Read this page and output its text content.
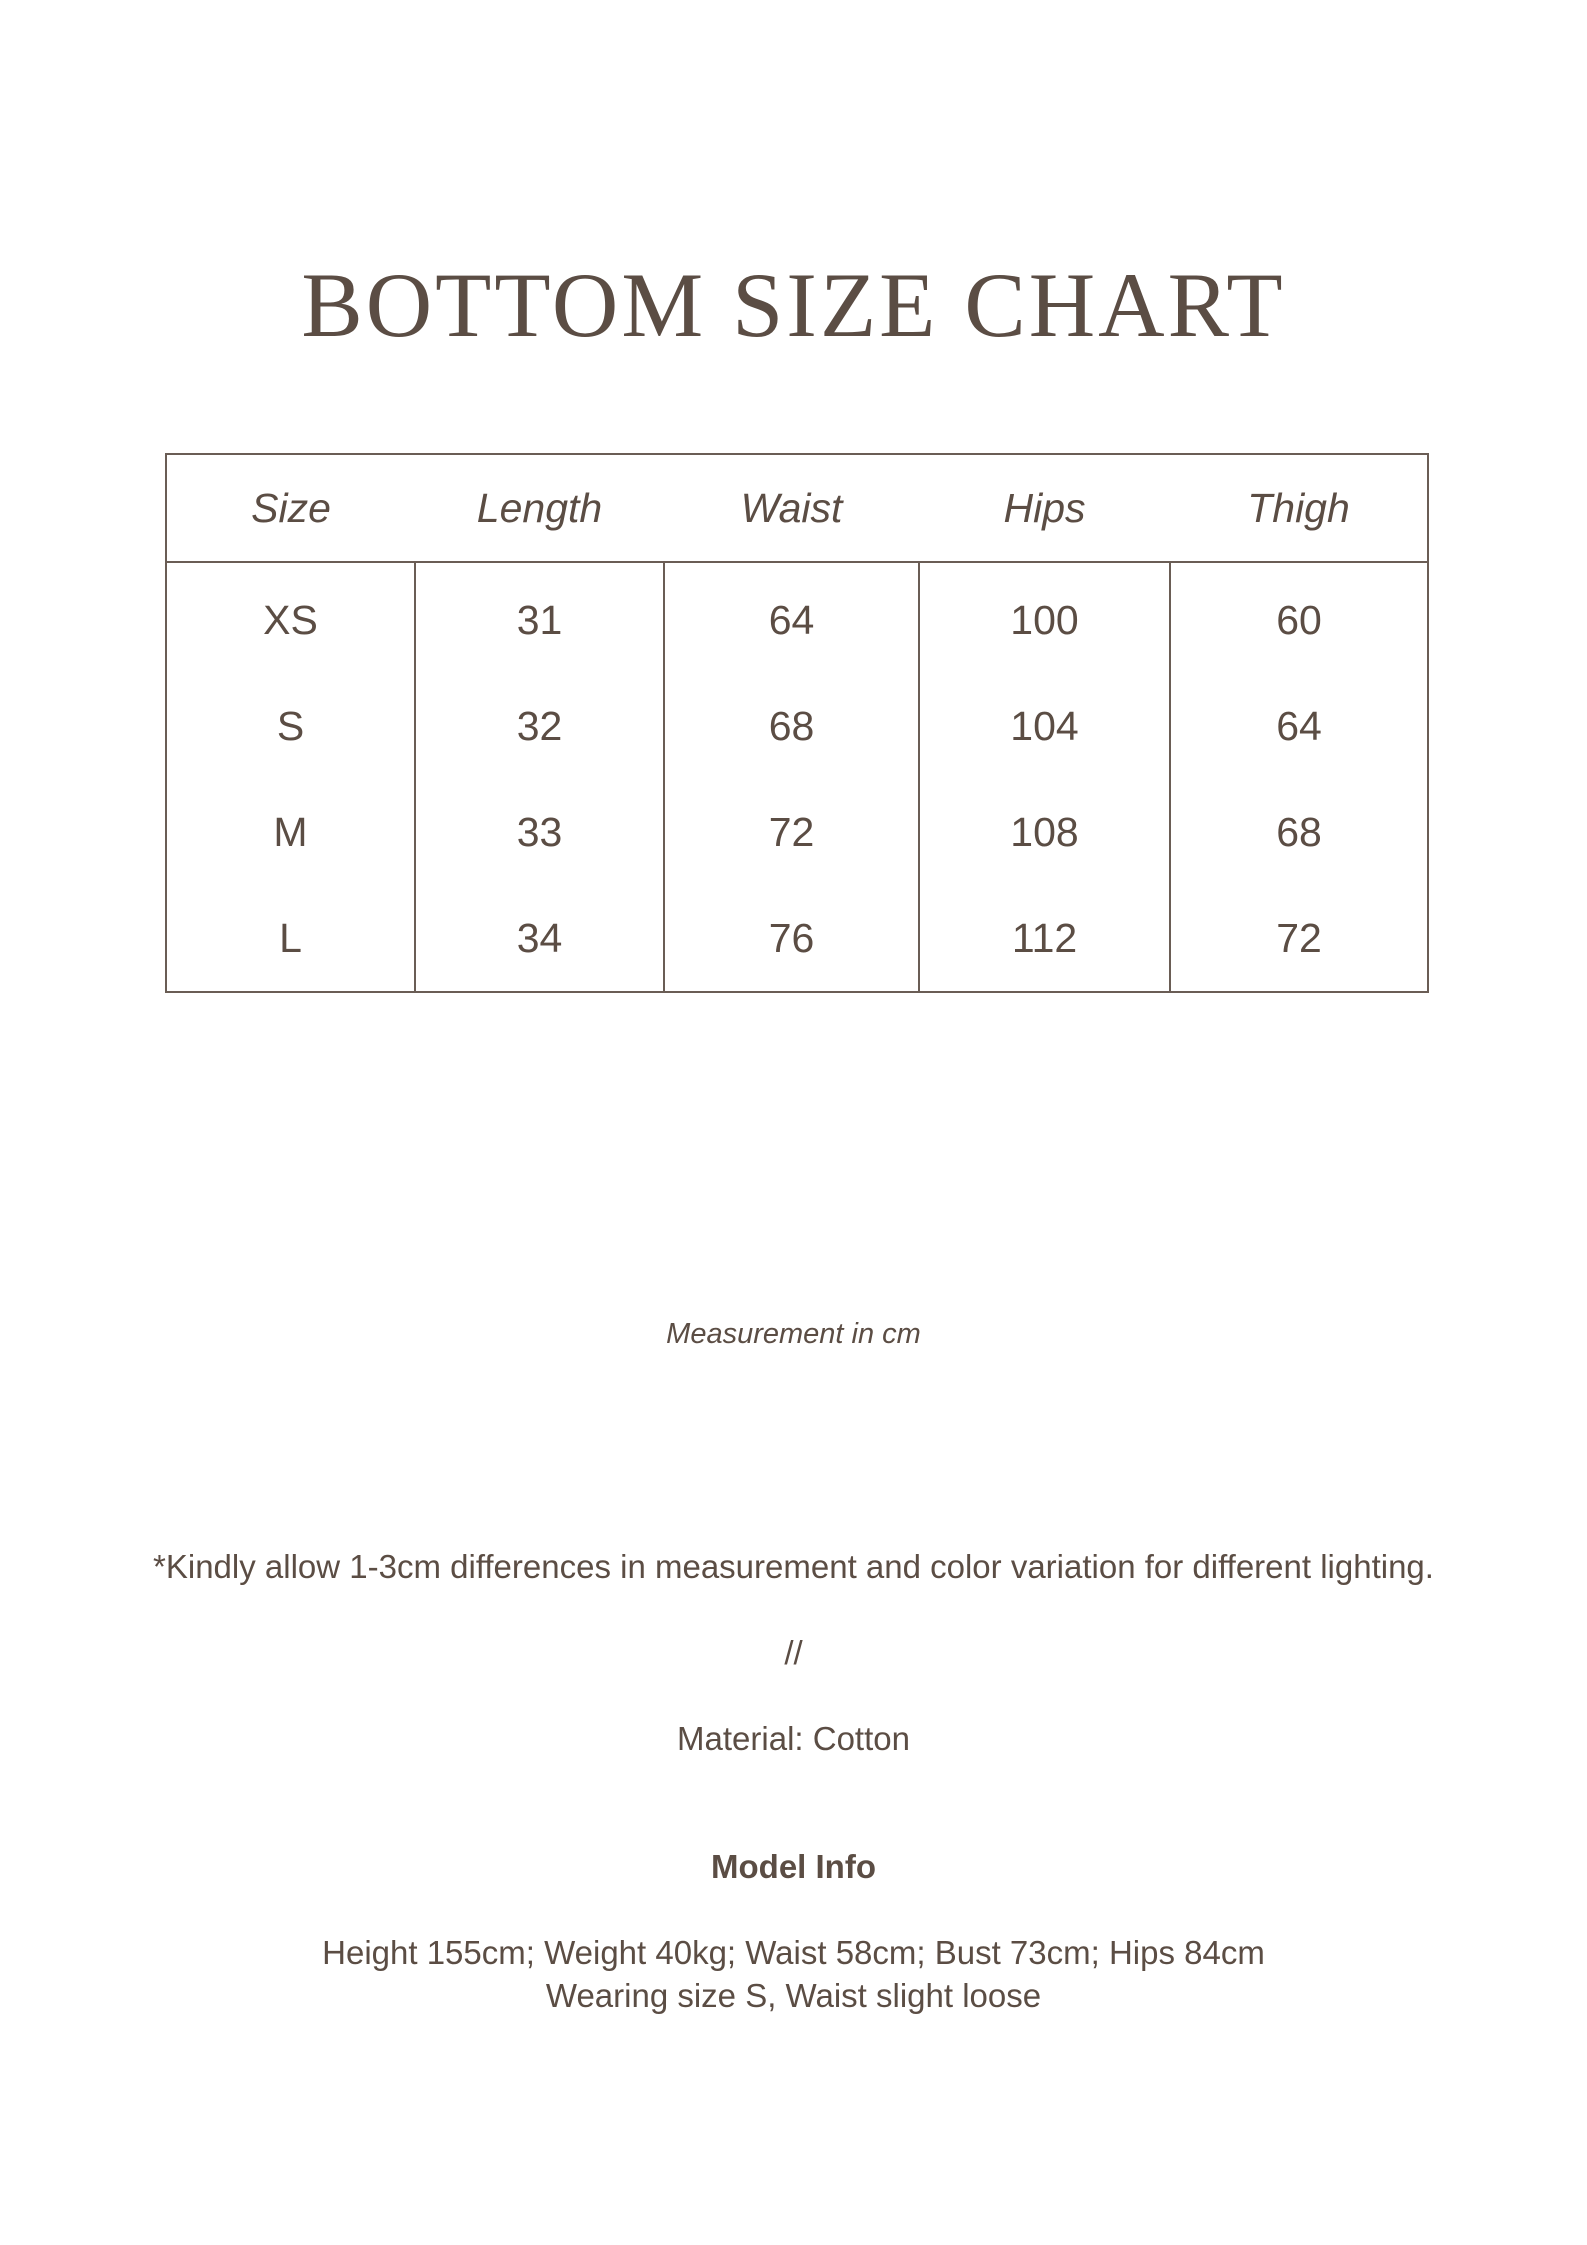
BOTTOM SIZE CHART
Size	Length	Waist	Hips	Thigh
XS	31	64	100	60
S	32	68	104	64
M	33	72	108	68
L	34	76	112	72

Measurement in cm

*Kindly allow 1-3cm differences in measurement and color variation for different lighting.

//

Material: Cotton

Model Info

Height 155cm; Weight 40kg; Waist 58cm; Bust 73cm; Hips 84cm

Wearing size S, Waist slight loose
